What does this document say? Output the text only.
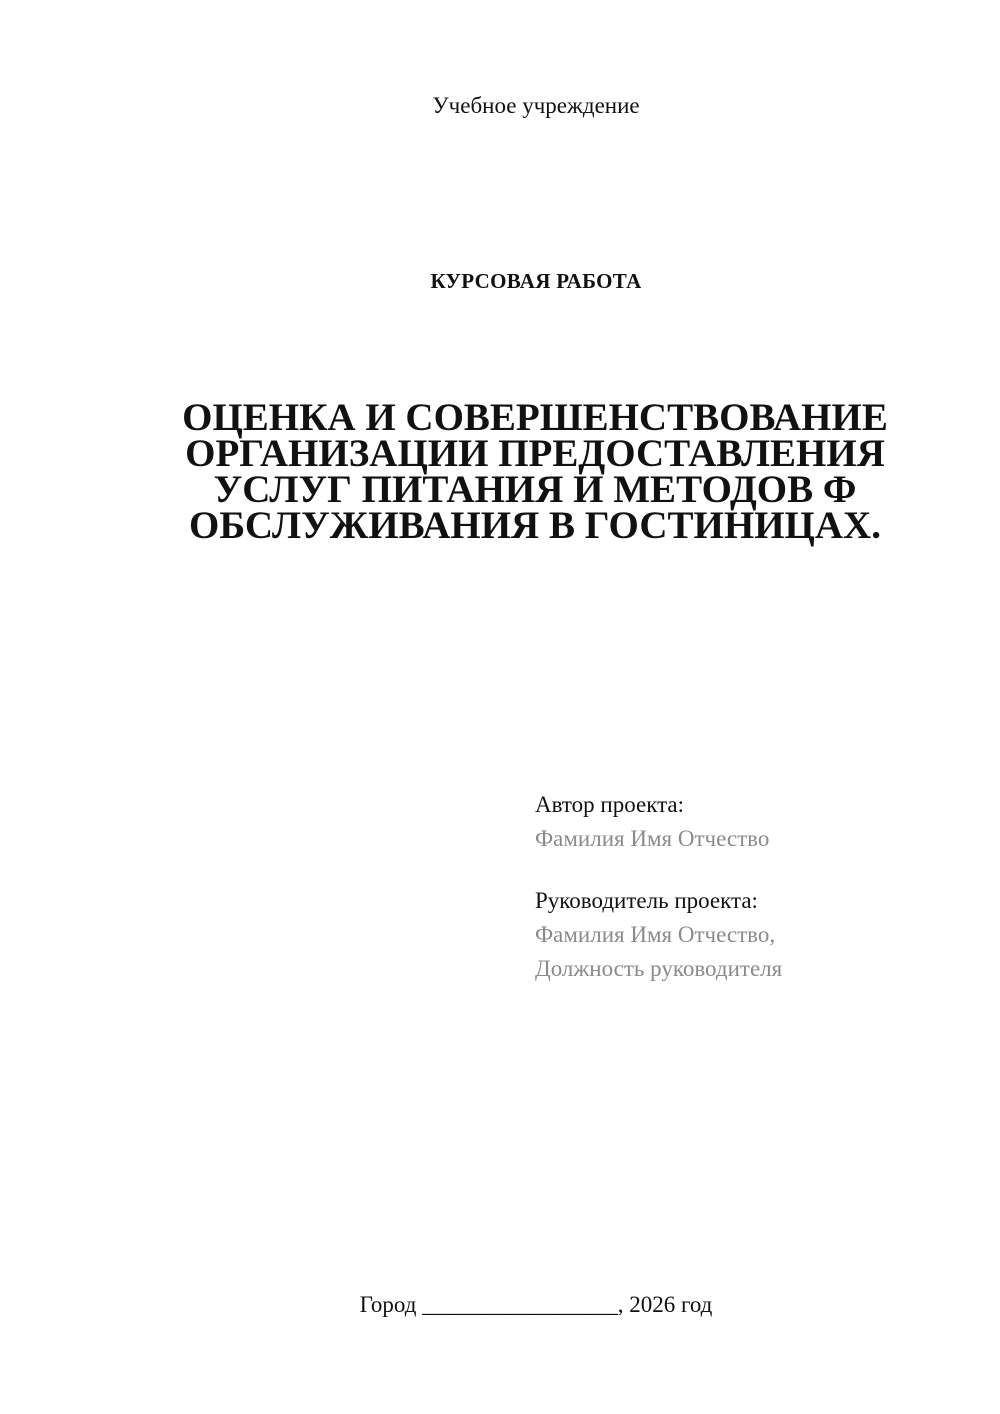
Учебное учреждение
КУРСОВАЯ РАБОТА
ОЦЕНКА И СОВЕРШЕНСТВОВАНИЕ
ОРГАНИЗАЦИИ ПРЕДОСТАВЛЕНИЯ
УСЛУГ ПИТАНИЯ И МЕТОДОВ Ф
ОБСЛУЖИВАНИЯ В ГОСТИНИЦАХ.
Автор проекта:
Фамилия Имя Отчество
Руководитель проекта:
Фамилия Имя Отчество,
Должность руководителя
Город _________________, 2026 год
